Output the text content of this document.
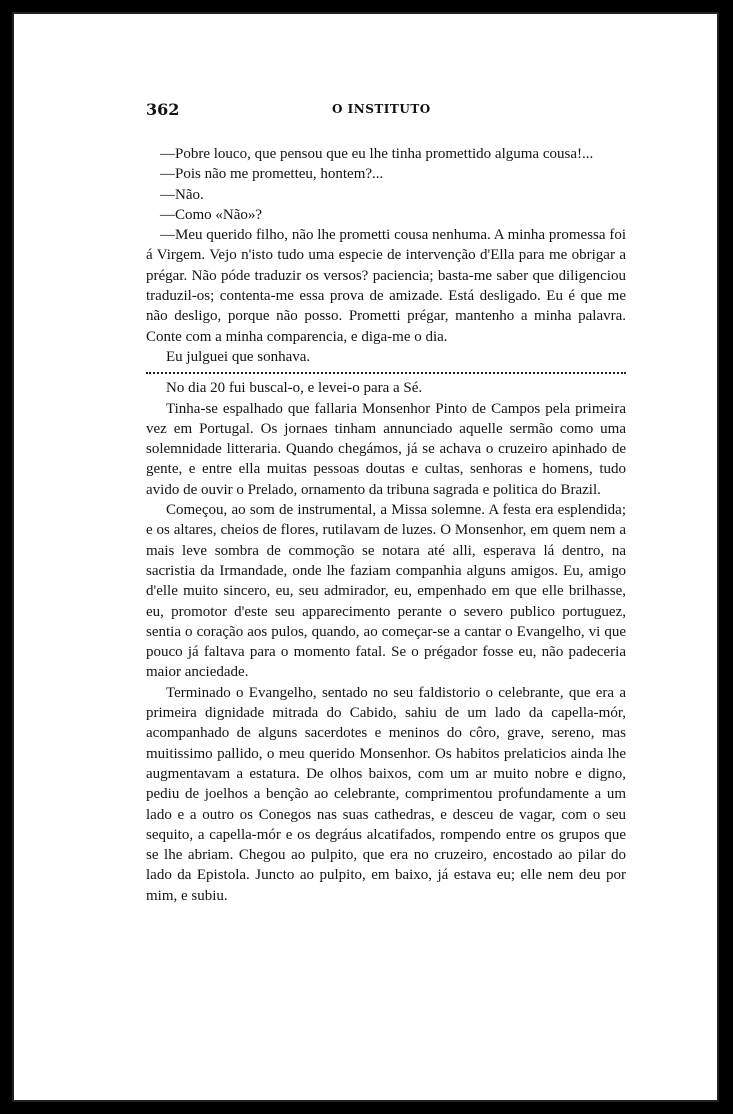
362	O INSTITUTO

—Pobre louco, que pensou que eu lhe tinha promettido alguma cousa!...

—Pois não me prometteu, hontem?...

—Não.

—Como «Não»?

—Meu querido filho, não lhe prometti cousa nenhuma. A minha promessa foi á Virgem. Vejo n'isto tudo uma especie de intervenção d'Ella para me obrigar a prégar. Não póde traduzir os versos? paciencia; basta-me saber que diligenciou traduzil-os; contenta-me essa prova de amizade. Está desligado. Eu é que me não desligo, porque não posso. Prometti prégar, mantenho a minha palavra. Conte com a minha comparencia, e diga-me o dia.

Eu julguei que sonhava.

No dia 20 fui buscal-o, e levei-o para a Sé.

Tinha-se espalhado que fallaria Monsenhor Pinto de Campos pela primeira vez em Portugal. Os jornaes tinham annunciado aquelle sermão como uma solemnidade litteraria. Quando chegámos, já se achava o cruzeiro apinhado de gente, e entre ella muitas pessoas doutas e cultas, senhoras e homens, tudo avido de ouvir o Prelado, ornamento da tribuna sagrada e politica do Brazil.

Começou, ao som de instrumental, a Missa solemne. A festa era esplendida; e os altares, cheios de flores, rutilavam de luzes. O Monsenhor, em quem nem a mais leve sombra de commoção se notara até alli, esperava lá dentro, na sacristia da Irmandade, onde lhe faziam companhia alguns amigos. Eu, amigo d'elle muito sincero, eu, seu admirador, eu, empenhado em que elle brilhasse, eu, promotor d'este seu apparecimento perante o severo publico portuguez, sentia o coração aos pulos, quando, ao começar-se a cantar o Evangelho, vi que pouco já faltava para o momento fatal. Se o prégador fosse eu, não padeceria maior anciedade.

Terminado o Evangelho, sentado no seu faldistorio o celebrante, que era a primeira dignidade mitrada do Cabido, sahiu de um lado da capella-mór, acompanhado de alguns sacerdotes e meninos do côro, grave, sereno, mas muitissimo pallido, o meu querido Monsenhor. Os habitos prelaticios ainda lhe augmentavam a estatura. De olhos baixos, com um ar muito nobre e digno, pediu de joelhos a benção ao celebrante, comprimentou profundamente a um lado e a outro os Conegos nas suas cathedras, e desceu de vagar, com o seu sequito, a capella-mór e os degráus alcatifados, rompendo entre os grupos que se lhe abriam. Chegou ao pulpito, que era no cruzeiro, encostado ao pilar do lado da Epistola. Juncto ao pulpito, em baixo, já estava eu; elle nem deu por mim, e subiu.
